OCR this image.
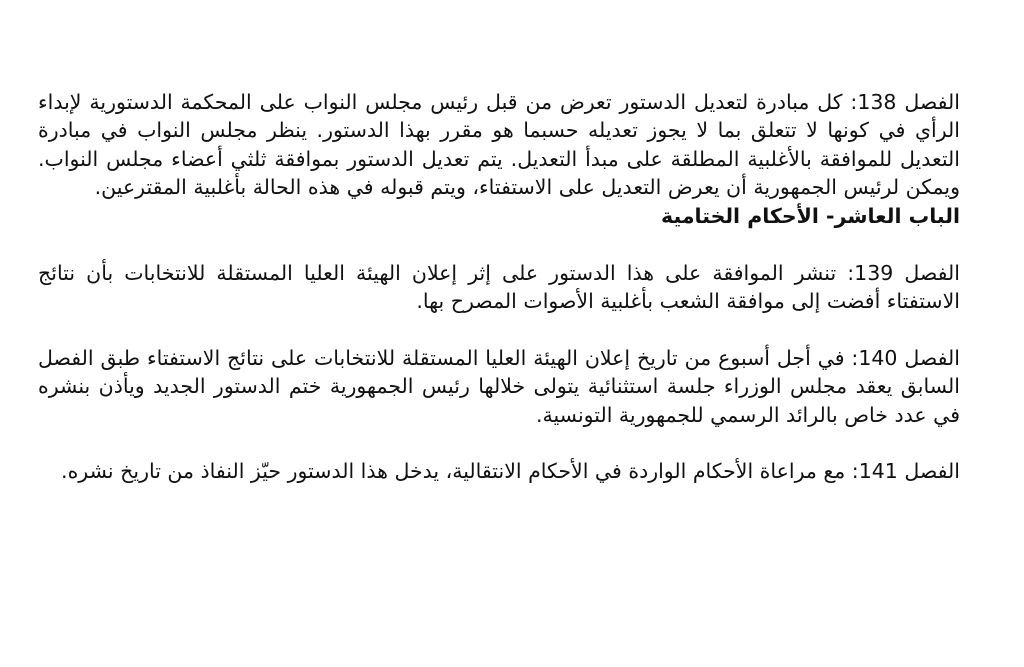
الفصل 138: كل مبادرة لتعديل الدستور تعرض من قبل رئيس مجلس النواب على المحكمة الدستورية لإبداء الرأي في كونها لا تتعلق بما لا يجوز تعديله حسبما هو مقرر بهذا الدستور. ينظر مجلس النواب في مبادرة التعديل للموافقة بالأغلبية المطلقة على مبدأ التعديل. يتم تعديل الدستور بموافقة ثلثي أعضاء مجلس النواب. ويمكن لرئيس الجمهورية أن يعرض التعديل على الاستفتاء، ويتم قبوله في هذه الحالة بأغلبية المقترعين.

الباب العاشر- الأحكام الختامية

الفصل 139: تنشر الموافقة على هذا الدستور على إثر إعلان الهيئة العليا المستقلة للانتخابات بأن نتائج الاستفتاء أفضت إلى موافقة الشعب بأغلبية الأصوات المصرح بها.

الفصل 140: في أجل أسبوع من تاريخ إعلان الهيئة العليا المستقلة للانتخابات على نتائج الاستفتاء طبق الفصل السابق يعقد مجلس الوزراء جلسة استثنائية يتولى خلالها رئيس الجمهورية ختم الدستور الجديد ويأذن بنشره في عدد خاص بالرائد الرسمي للجمهورية التونسية.

الفصل 141: مع مراعاة الأحكام الواردة في الأحكام الانتقالية، يدخل هذا الدستور حيّز النفاذ من تاريخ نشره.
